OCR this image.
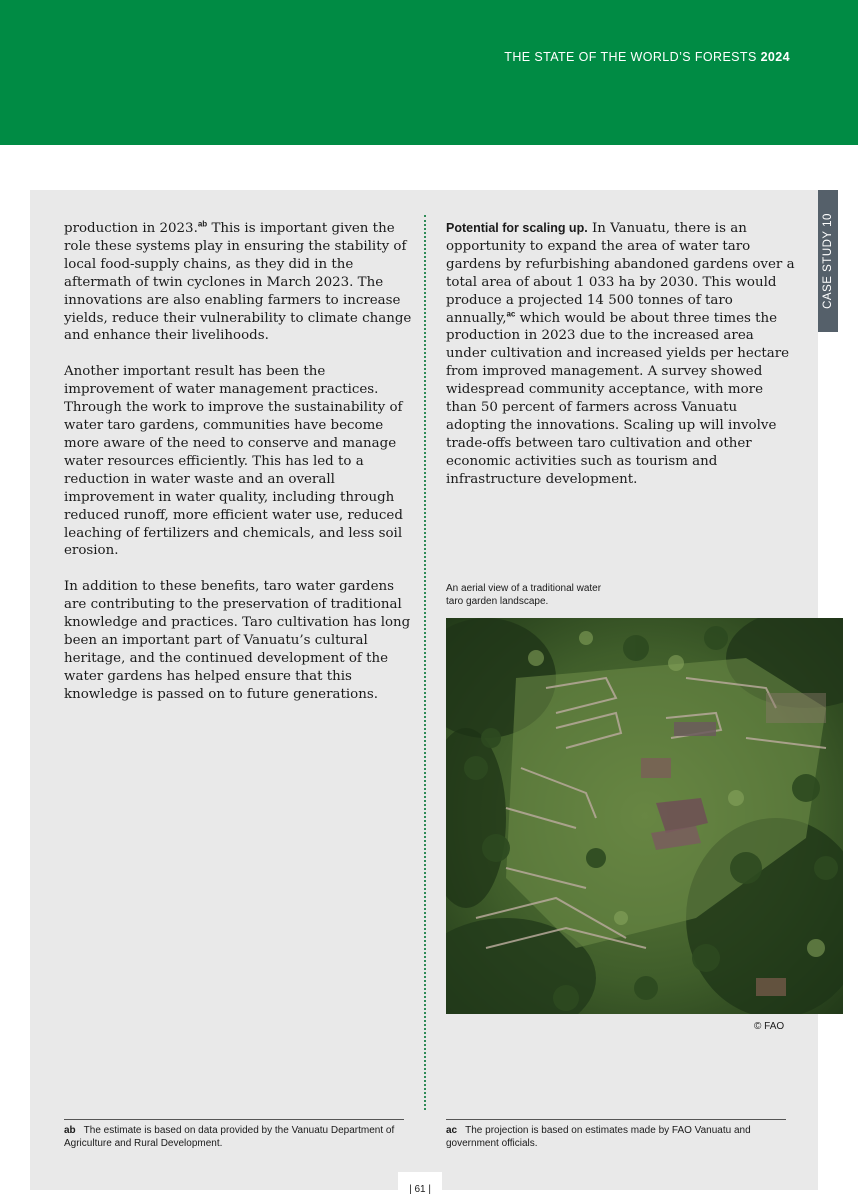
THE STATE OF THE WORLD’S FORESTS 2024
CASE STUDY 10

production in 2023.$^{ab}$ This is important given the role these systems play in ensuring the stability of local food-supply chains, as they did in the aftermath of twin cyclones in March 2023. The innovations are also enabling farmers to increase yields, reduce their vulnerability to climate change and enhance their livelihoods.

Another important result has been the improvement of water management practices. Through the work to improve the sustainability of water taro gardens, communities have become more aware of the need to conserve and manage water resources efficiently. This has led to a reduction in water waste and an overall improvement in water quality, including through reduced runoff, more efficient water use, reduced leaching of fertilizers and chemicals, and less soil erosion.

In addition to these benefits, taro water gardens are contributing to the preservation of traditional knowledge and practices. Taro cultivation has long been an important part of Vanuatu’s cultural heritage, and the continued development of the water gardens has helped ensure that this knowledge is passed on to future generations.

Potential for scaling up. In Vanuatu, there is an opportunity to expand the area of water taro gardens by refurbishing abandoned gardens over a total area of about 1 033 ha by 2030. This would produce a projected 14 500 tonnes of taro annually,$^{ac}$ which would be about three times the production in 2023 due to the increased area under cultivation and increased yields per hectare from improved management. A survey showed widespread community acceptance, with more than 50 percent of farmers across Vanuatu adopting the innovations. Scaling up will involve trade-offs between taro cultivation and other economic activities such as tourism and infrastructure development.

An aerial view of a traditional water taro garden landscape.
© FAO
ab The estimate is based on data provided by the Vanuatu Department of Agriculture and Rural Development.
ac The projection is based on estimates made by FAO Vanuatu and government officials.
| 61 |
